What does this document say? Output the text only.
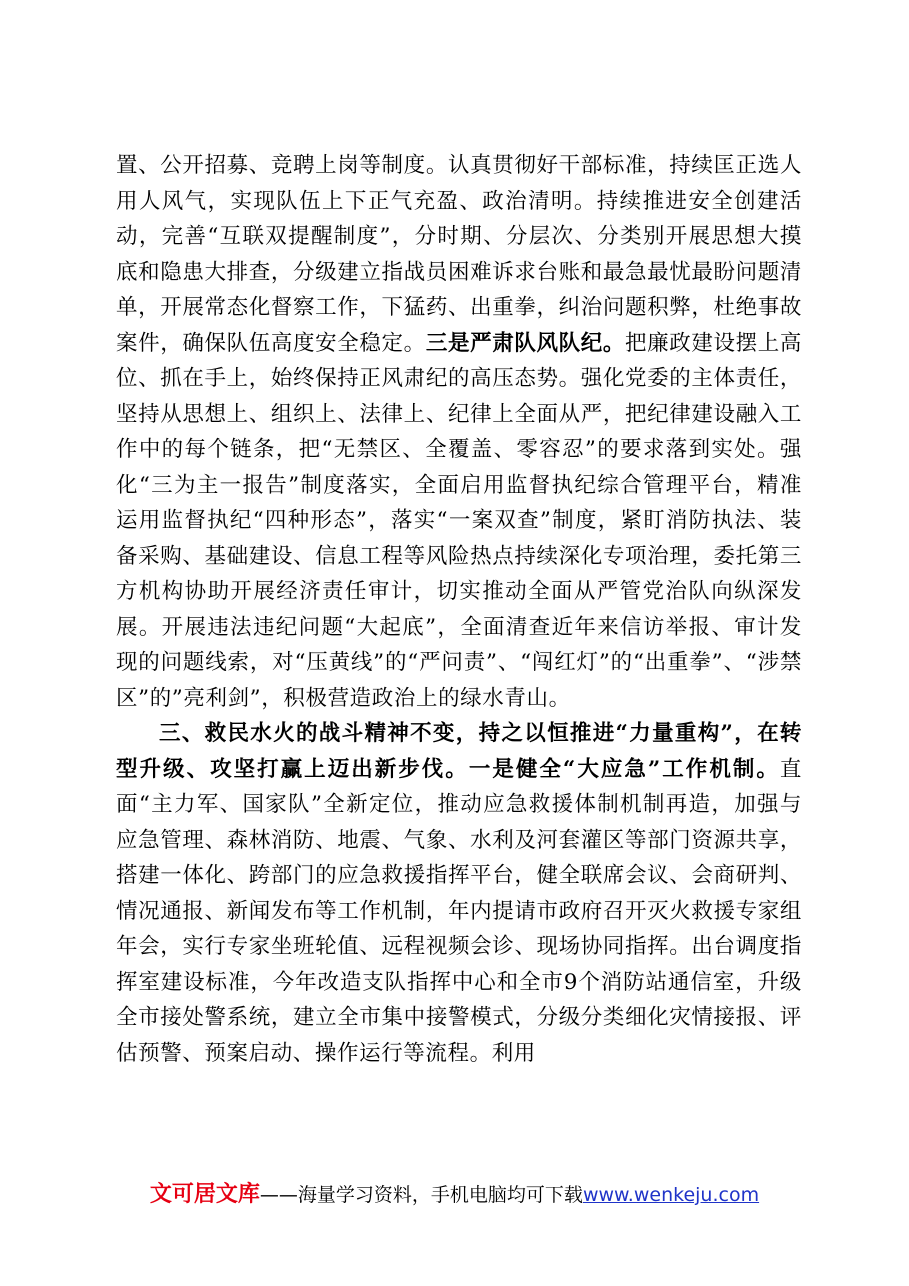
置、公开招募、竞聘上岗等制度。认真贯彻好干部标准，持续匡正选人用人风气，实现队伍上下正气充盈、政治清明。持续推进安全创建活动，完善“互联双提醒制度”，分时期、分层次、分类别开展思想大摸底和隐患大排查，分级建立指战员困难诉求台账和最急最忧最盼问题清单，开展常态化督察工作，下猛药、出重拳，纠治问题积弊，杜绝事故案件，确保队伍高度安全稳定。三是严肃队风队纪。把廉政建设摆上高位、抓在手上，始终保持正风肃纪的高压态势。强化党委的主体责任，坚持从思想上、组织上、法律上、纪律上全面从严，把纪律建设融入工作中的每个链条，把“无禁区、全覆盖、零容忍”的要求落到实处。强化“三为主一报告”制度落实，全面启用监督执纪综合管理平台，精准运用监督执纪“四种形态”，落实“一案双查”制度，紧盯消防执法、装备采购、基础建设、信息工程等风险热点持续深化专项治理，委托第三方机构协助开展经济责任审计，切实推动全面从严管党治队向纵深发展。开展违法违纪问题“大起底”，全面清查近年来信访举报、审计发现的问题线索，对“压黄线”的“严问责”、“闯红灯”的“出重拳”、“涉禁区”的”亮利剑”，积极营造政治上的绿水青山。

三、救民水火的战斗精神不变，持之以恒推进“力量重构”，在转型升级、攻坚打赢上迈出新步伐。一是健全“大应急”工作机制。直面“主力军、国家队”全新定位，推动应急救援体制机制再造，加强与应急管理、森林消防、地震、气象、水利及河套灌区等部门资源共享，搭建一体化、跨部门的应急救援指挥平台，健全联席会议、会商研判、情况通报、新闻发布等工作机制，年内提请市政府召开灭火救援专家组年会，实行专家坐班轮值、远程视频会诊、现场协同指挥。出台调度指挥室建设标准，今年改造支队指挥中心和全市9个消防站通信室，升级全市接处警系统，建立全市集中接警模式，分级分类细化灾情接报、评估预警、预案启动、操作运行等流程。利用

文可居文库——海量学习资料，手机电脑均可下载www.wenkeju.com
